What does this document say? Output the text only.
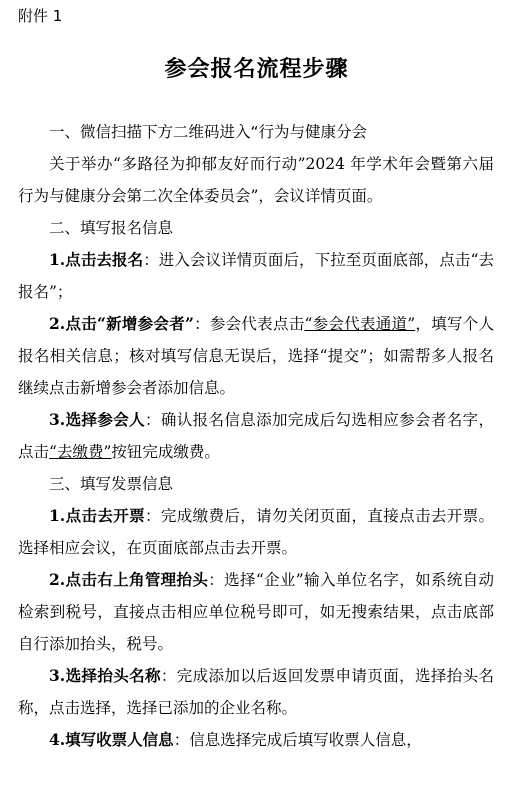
附件 1
参会报名流程步骤

一、微信扫描下方二维码进入“行为与健康分会

关于举办“多路径为抑郁友好而行动”2024 年学术年会暨第六届行为与健康分会第二次全体委员会”，会议详情页面。

二、填写报名信息

1.点击去报名：进入会议详情页面后，下拉至页面底部，点击“去报名”；

2.点击“新增参会者”：参会代表点击“参会代表通道”，填写个人报名相关信息；核对填写信息无误后，选择“提交”；如需帮多人报名继续点击新增参会者添加信息。

3.选择参会人：确认报名信息添加完成后勾选相应参会者名字，点击“去缴费”按钮完成缴费。

三、填写发票信息

1.点击去开票：完成缴费后，请勿关闭页面，直接点击去开票。选择相应会议，在页面底部点击去开票。

2.点击右上角管理抬头：选择“企业”输入单位名字，如系统自动检索到税号，直接点击相应单位税号即可，如无搜索结果，点击底部自行添加抬头，税号。

3.选择抬头名称：完成添加以后返回发票申请页面，选择抬头名称，点击选择，选择已添加的企业名称。

4.填写收票人信息：信息选择完成后填写收票人信息，
